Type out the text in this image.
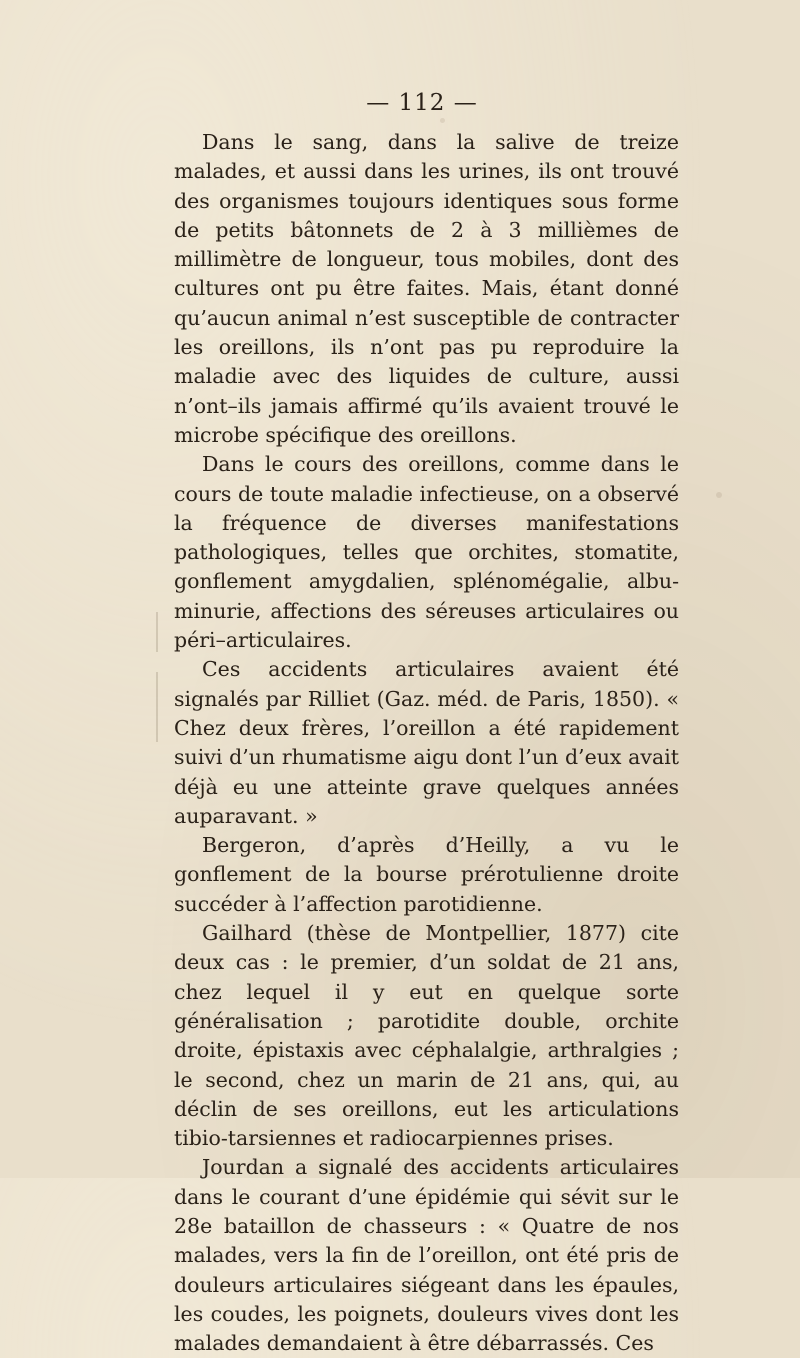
— 112 —

Dans le sang, dans la salive de treize malades, et aussi dans les urines, ils ont trouvé des organismes toujours identiques sous forme de petits bâtonnets de 2 à 3 millièmes de millimètre de longueur, tous mobiles, dont des cultures ont pu être faites. Mais, étant donné qu’aucun animal n’est susceptible de contracter les oreillons, ils n’ont pas pu reproduire la maladie avec des liquides de culture, aussi n’ont–ils jamais affirmé qu’ils avaient trouvé le microbe spécifique des oreillons.

Dans le cours des oreillons, comme dans le cours de toute maladie infectieuse, on a observé la fréquence de diverses manifestations pathologiques, telles que orchites, stomatite, gonflement amygdalien, splénomégalie, albuminurie, affections des séreuses articulaires ou péri–articulaires.

Ces accidents articulaires avaient été signalés par Rilliet (Gaz. méd. de Paris, 1850). « Chez deux frères, l’oreillon a été rapidement suivi d’un rhumatisme aigu dont l’un d’eux avait déjà eu une atteinte grave quelques années auparavant. »

Bergeron, d’après d’Heilly, a vu le gonflement de la bourse prérotulienne droite succéder à l’affection parotidienne.

Gailhard (thèse de Montpellier, 1877) cite deux cas : le premier, d’un soldat de 21 ans, chez lequel il y eut en quelque sorte généralisation ; parotidite double, orchite droite, épistaxis avec céphalalgie, arthralgies ; le second, chez un marin de 21 ans, qui, au déclin de ses oreillons, eut les articulations tibio-tarsiennes et radiocarpiennes prises.

Jourdan a signalé des accidents articulaires dans le courant d’une épidémie qui sévit sur le 28e bataillon de chasseurs : « Quatre de nos malades, vers la fin de l’oreillon, ont été pris de douleurs articulaires siégeant dans les épaules, les coudes, les poignets, douleurs vives dont les malades demandaient à être débarrassés. Ces
